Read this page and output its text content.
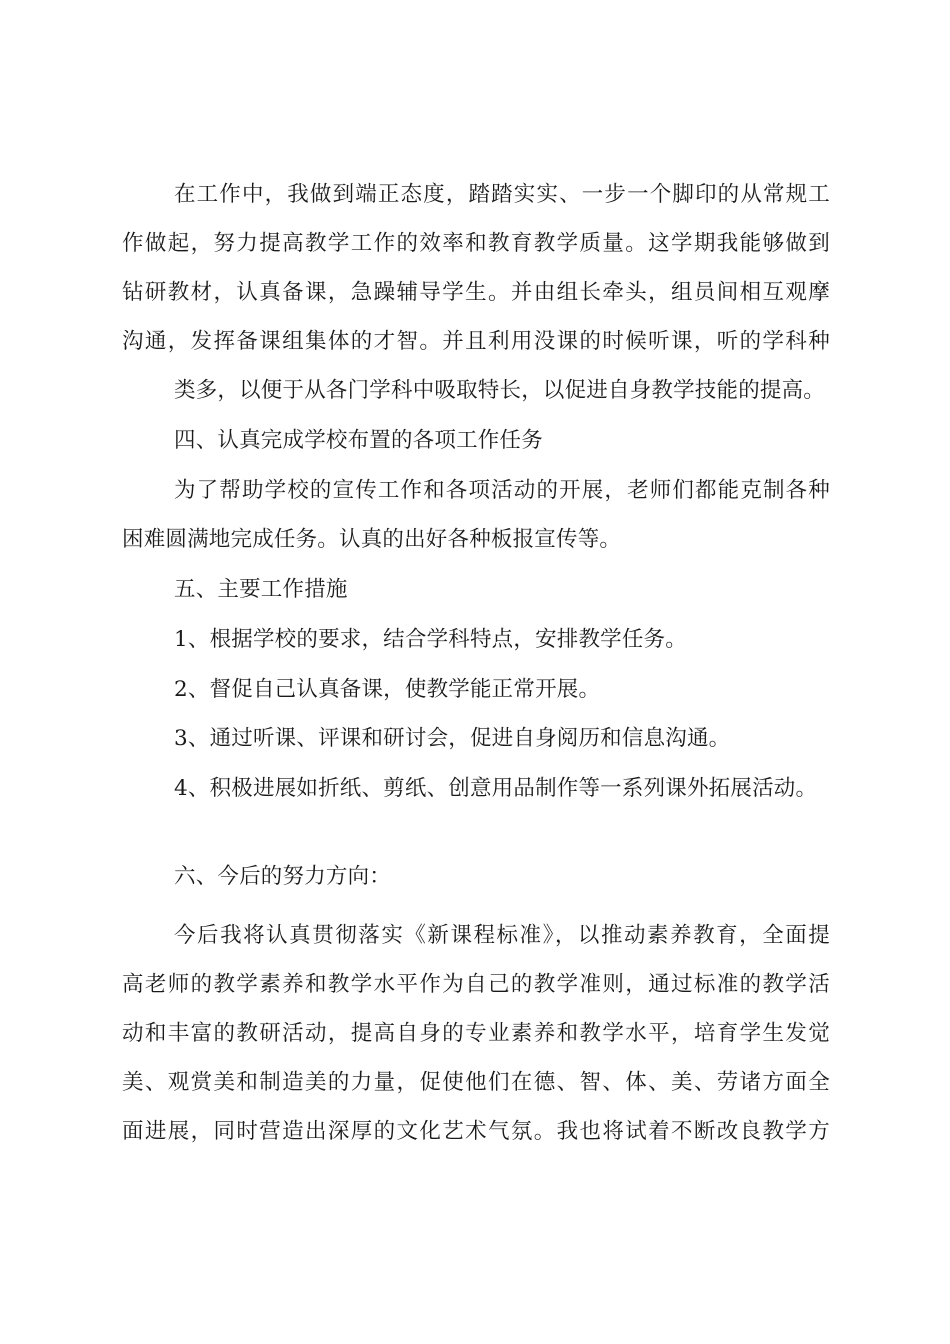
在工作中，我做到端正态度，踏踏实实、一步一个脚印的从常规工
作做起，努力提高教学工作的效率和教育教学质量。这学期我能够做到
钻研教材，认真备课，急躁辅导学生。并由组长牵头，组员间相互观摩
沟通，发挥备课组集体的才智。并且利用没课的时候听课，听的学科种
类多，以便于从各门学科中吸取特长，以促进自身教学技能的提高。
四、认真完成学校布置的各项工作任务
为了帮助学校的宣传工作和各项活动的开展，老师们都能克制各种
困难圆满地完成任务。认真的出好各种板报宣传等。
五、主要工作措施
1、根据学校的要求，结合学科特点，安排教学任务。
2、督促自己认真备课，使教学能正常开展。
3、通过听课、评课和研讨会，促进自身阅历和信息沟通。
4、积极进展如折纸、剪纸、创意用品制作等一系列课外拓展活动。
六、今后的努力方向：
今后我将认真贯彻落实《新课程标准》，以推动素养教育，全面提
高老师的教学素养和教学水平作为自己的教学准则，通过标准的教学活
动和丰富的教研活动，提高自身的专业素养和教学水平，培育学生发觉
美、观赏美和制造美的力量，促使他们在德、智、体、美、劳诸方面全
面进展，同时营造出深厚的文化艺术气氛。我也将试着不断改良教学方
